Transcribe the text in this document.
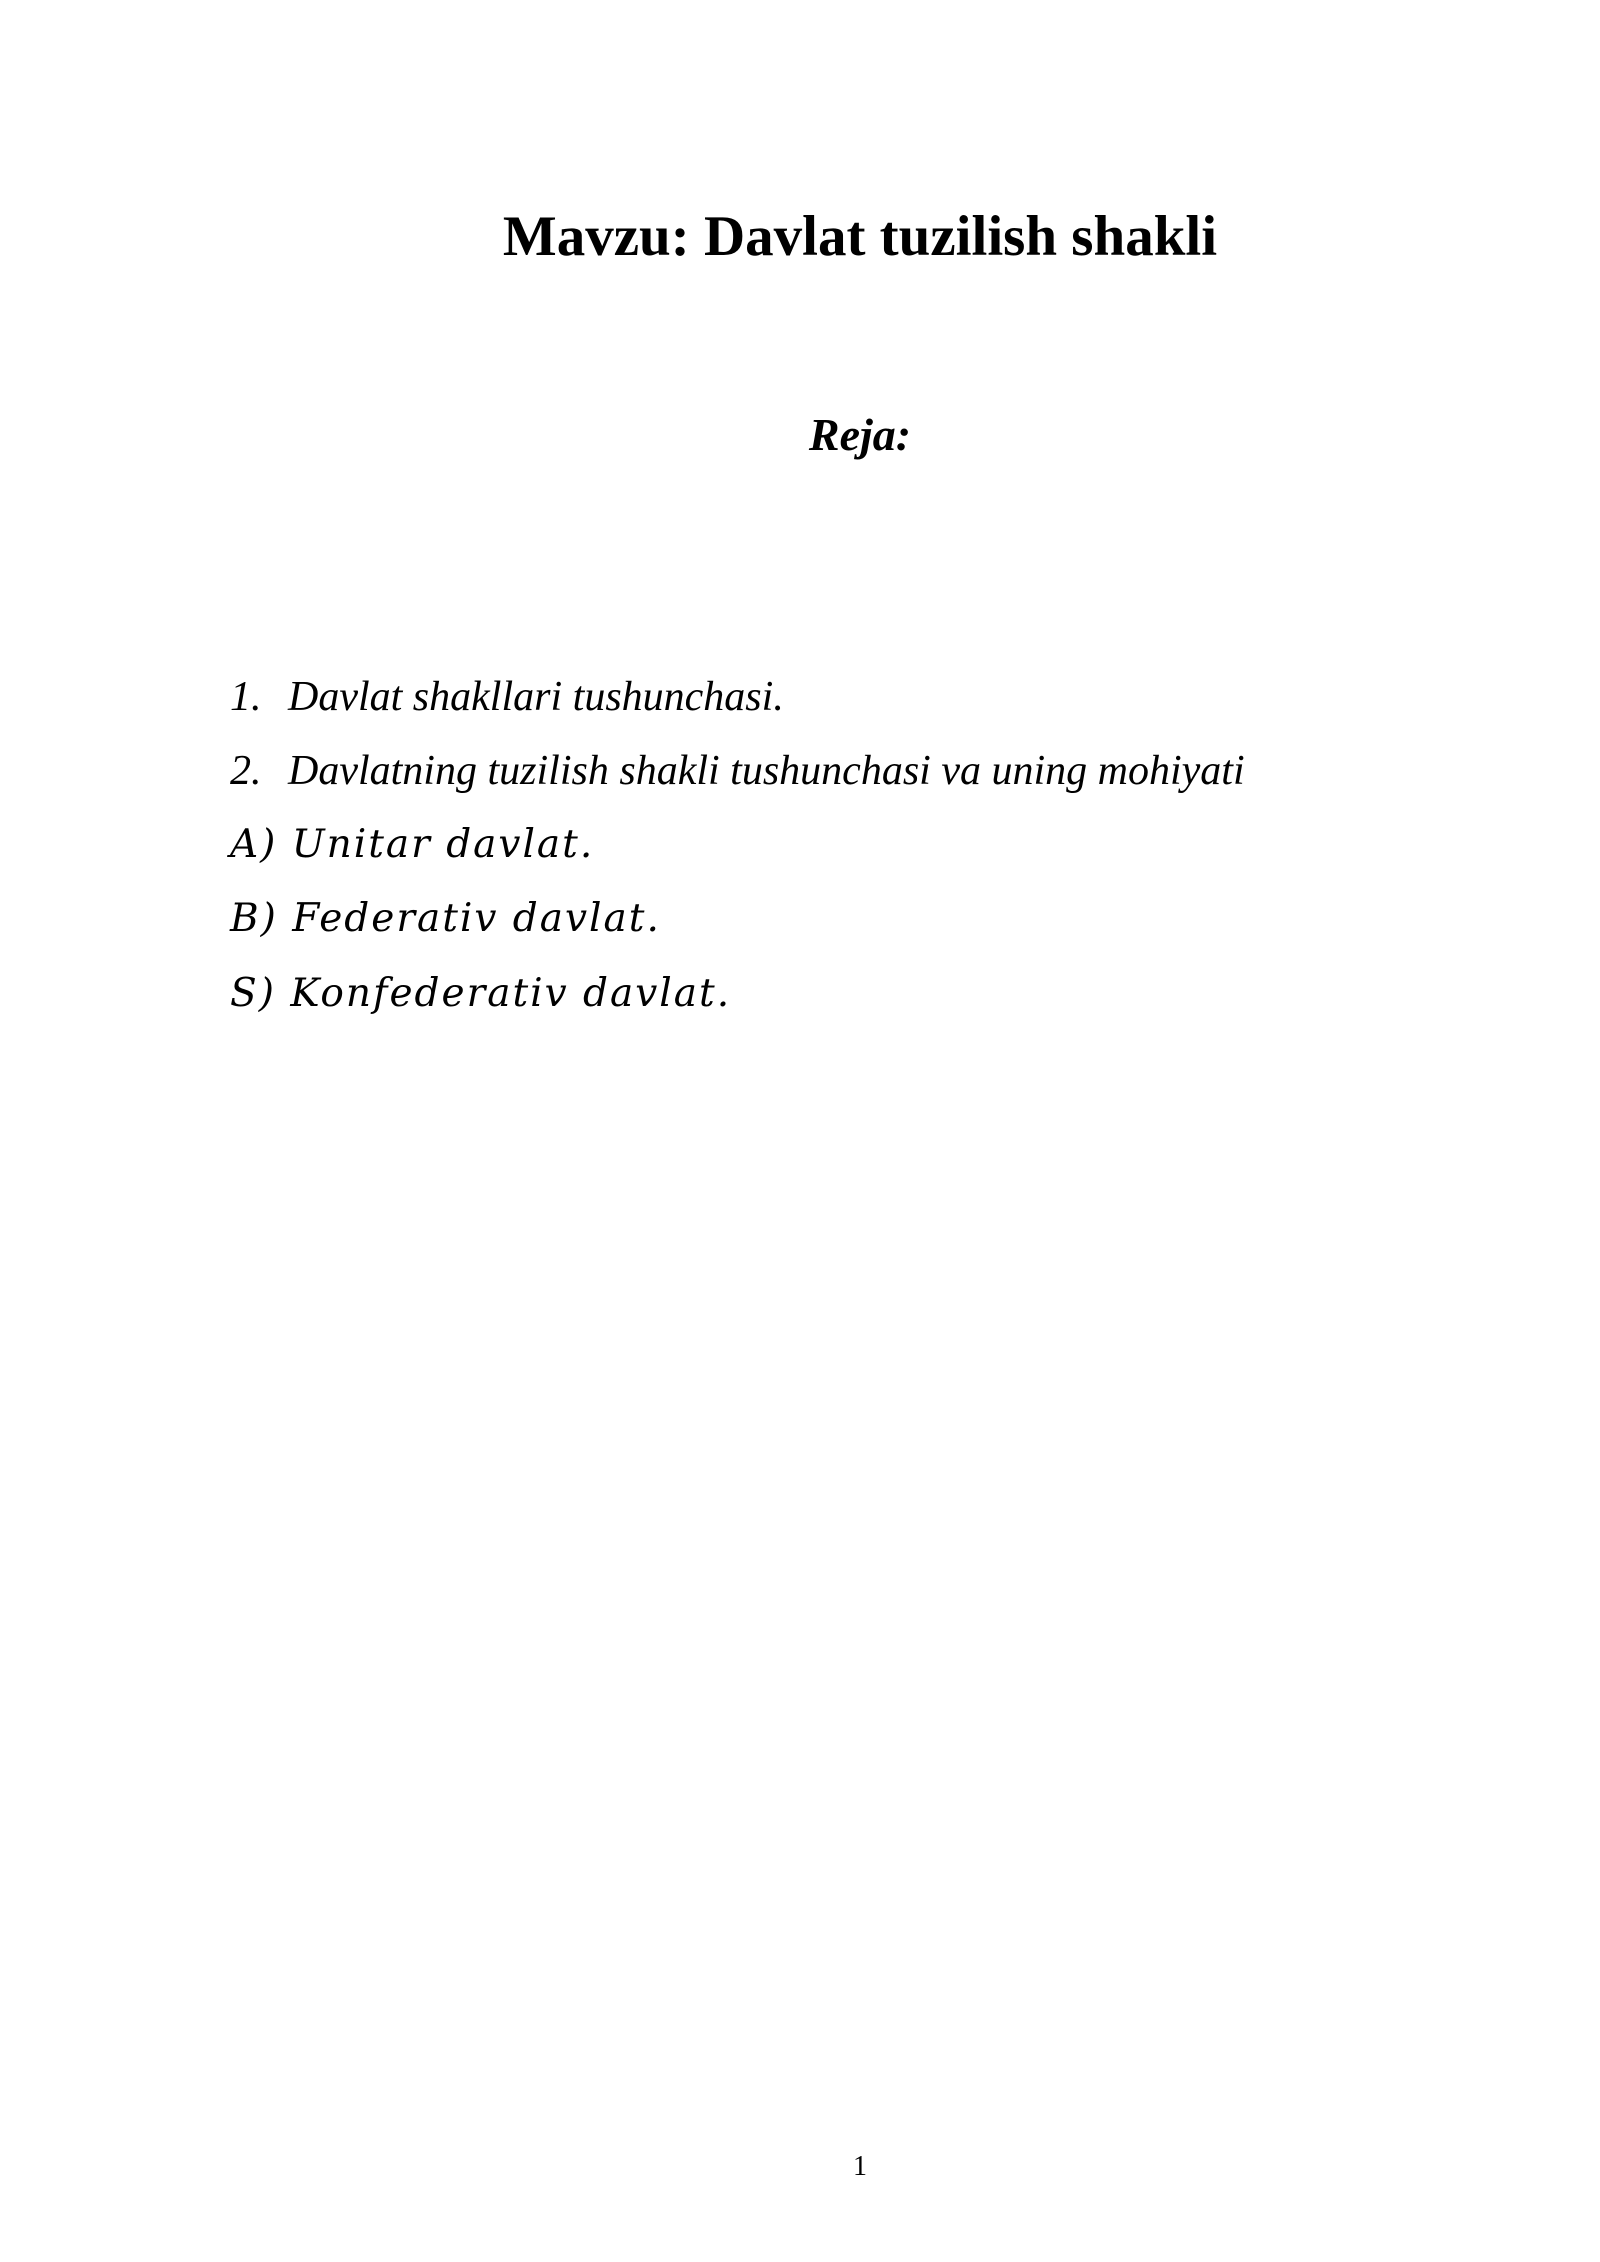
Mavzu: Davlat tuzilish shakli
Reja:
1. Davlat shakllari tushunchasi.
2. Davlatning tuzilish shakli tushunchasi va uning mohiyati
A) Unitar davlat.
B) Federativ davlat.
S) Konfederativ davlat.
1
